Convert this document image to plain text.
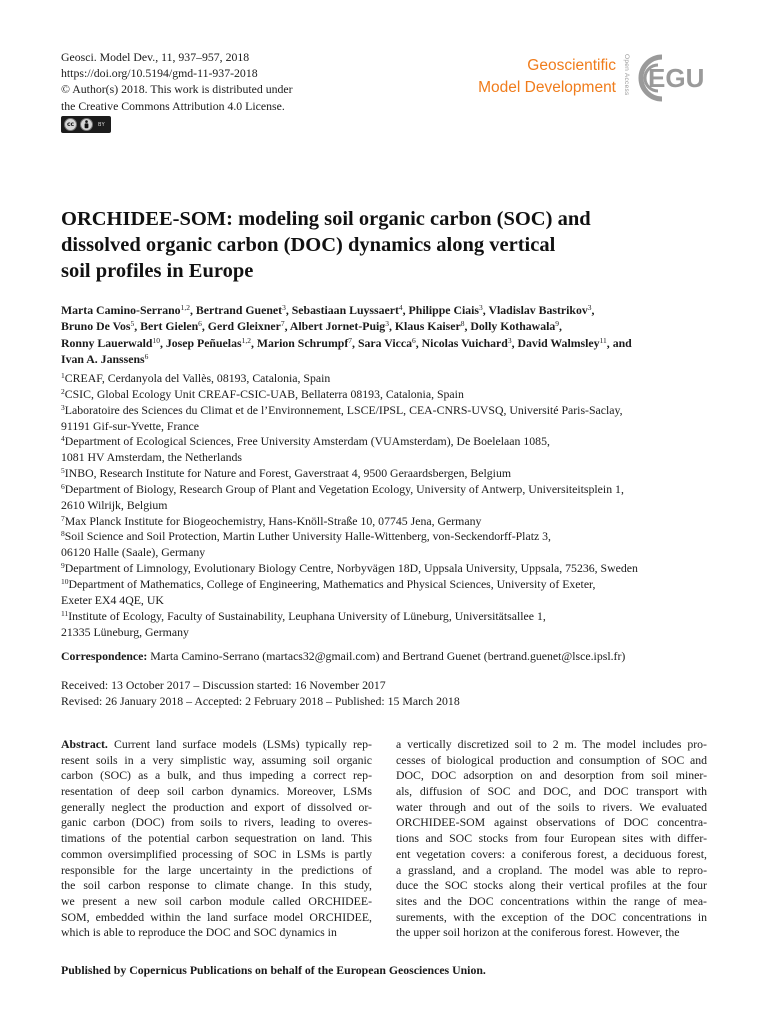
Geosci. Model Dev., 11, 937–957, 2018
https://doi.org/10.5194/gmd-11-937-2018
© Author(s) 2018. This work is distributed under
the Creative Commons Attribution 4.0 License.
cc	BY
Geoscientific
Model Development	Open Access EGU
ORCHIDEE-SOM: modeling soil organic carbon (SOC) and
dissolved organic carbon (DOC) dynamics along vertical
soil profiles in Europe
Marta Camino-Serrano$^{1,2}$, Bertrand Guenet$^3$, Sebastiaan Luyssaert$^4$, Philippe Ciais$^3$, Vladislav Bastrikov$^3$,
Bruno De Vos$^5$, Bert Gielen$^6$, Gerd Gleixner$^7$, Albert Jornet-Puig$^3$, Klaus Kaiser$^8$, Dolly Kothawala$^9$,
Ronny Lauerwald$^{10}$, Josep Peñuelas$^{1,2}$, Marion Schrumpf$^7$, Sara Vicca$^6$, Nicolas Vuichard$^3$, David Walmsley$^{11}$, and
Ivan A. Janssens$^6$
$^1$CREAF, Cerdanyola del Vallès, 08193, Catalonia, Spain
$^2$CSIC, Global Ecology Unit CREAF-CSIC-UAB, Bellaterra 08193, Catalonia, Spain
$^3$Laboratoire des Sciences du Climat et de l’Environnement, LSCE/IPSL, CEA-CNRS-UVSQ, Université Paris-Saclay,
91191 Gif-sur-Yvette, France
$^4$Department of Ecological Sciences, Free University Amsterdam (VUAmsterdam), De Boelelaan 1085,
1081 HV Amsterdam, the Netherlands
$^5$INBO, Research Institute for Nature and Forest, Gaverstraat 4, 9500 Geraardsbergen, Belgium
$^6$Department of Biology, Research Group of Plant and Vegetation Ecology, University of Antwerp, Universiteitsplein 1,
2610 Wilrijk, Belgium
$^7$Max Planck Institute for Biogeochemistry, Hans-Knöll-Straße 10, 07745 Jena, Germany
$^8$Soil Science and Soil Protection, Martin Luther University Halle-Wittenberg, von-Seckendorff-Platz 3,
06120 Halle (Saale), Germany
$^9$Department of Limnology, Evolutionary Biology Centre, Norbyvägen 18D, Uppsala University, Uppsala, 75236, Sweden
$^{10}$Department of Mathematics, College of Engineering, Mathematics and Physical Sciences, University of Exeter,
Exeter EX4 4QE, UK
$^{11}$Institute of Ecology, Faculty of Sustainability, Leuphana University of Lüneburg, Universitätsallee 1,
21335 Lüneburg, Germany
Correspondence: Marta Camino-Serrano (martacs32@gmail.com) and Bertrand Guenet (bertrand.guenet@lsce.ipsl.fr)
Received: 13 October 2017 – Discussion started: 16 November 2017
Revised: 26 January 2018 – Accepted: 2 February 2018 – Published: 15 March 2018
Abstract. Current land surface models (LSMs) typically rep-
resent soils in a very simplistic way, assuming soil organic
carbon (SOC) as a bulk, and thus impeding a correct rep-
resentation of deep soil carbon dynamics. Moreover, LSMs
generally neglect the production and export of dissolved or-
ganic carbon (DOC) from soils to rivers, leading to overes-
timations of the potential carbon sequestration on land. This
common oversimplified processing of SOC in LSMs is partly
responsible for the large uncertainty in the predictions of
the soil carbon response to climate change. In this study,
we present a new soil carbon module called ORCHIDEE-
SOM, embedded within the land surface model ORCHIDEE,
which is able to reproduce the DOC and SOC dynamics in
a vertically discretized soil to 2 m. The model includes pro-
cesses of biological production and consumption of SOC and
DOC, DOC adsorption on and desorption from soil miner-
als, diffusion of SOC and DOC, and DOC transport with
water through and out of the soils to rivers. We evaluated
ORCHIDEE-SOM against observations of DOC concentra-
tions and SOC stocks from four European sites with differ-
ent vegetation covers: a coniferous forest, a deciduous forest,
a grassland, and a cropland. The model was able to repro-
duce the SOC stocks along their vertical profiles at the four
sites and the DOC concentrations within the range of mea-
surements, with the exception of the DOC concentrations in
the upper soil horizon at the coniferous forest. However, the
Published by Copernicus Publications on behalf of the European Geosciences Union.
